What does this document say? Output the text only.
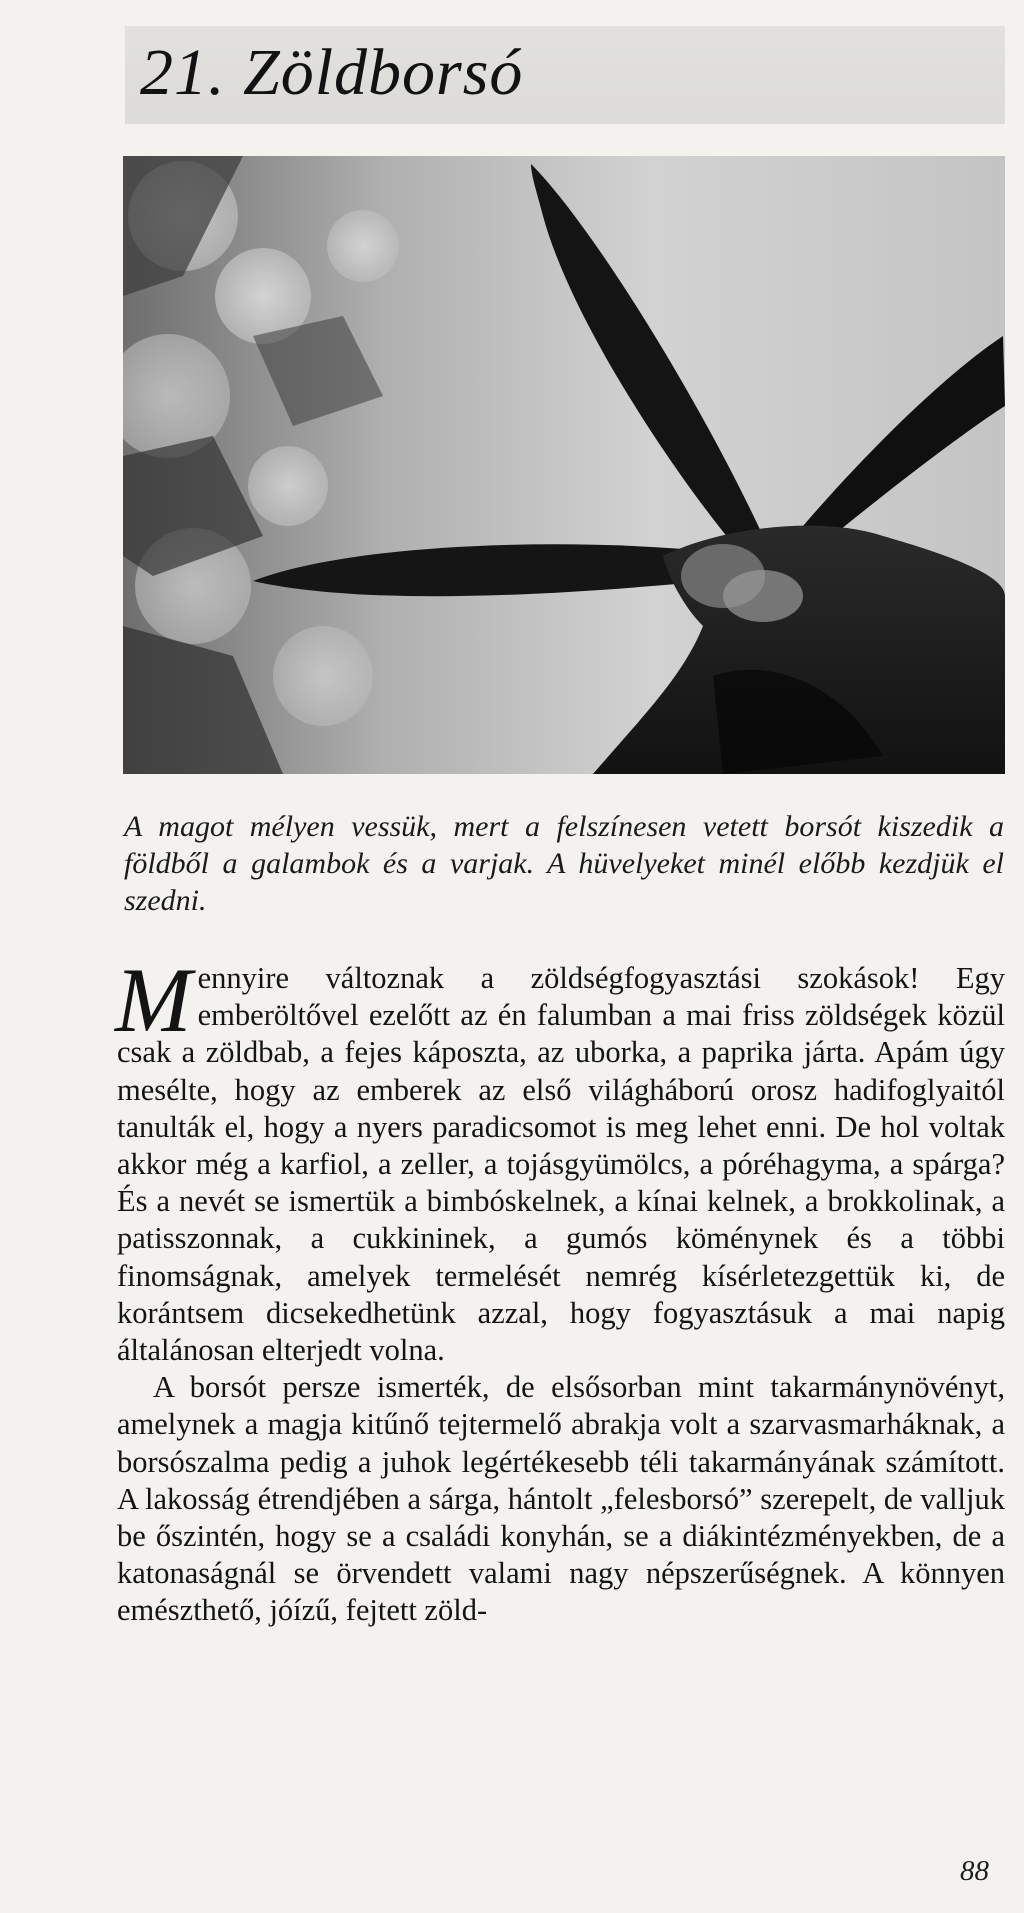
21. Zöldborsó

A magot mélyen vessük, mert a felszínesen vetett borsót kiszedik a földből a galambok és a varjak. A hüvelyeket minél előbb kezdjük el szedni.

Mennyire változnak a zöldségfogyasztási szokások! Egy emberöltővel ezelőtt az én falumban a mai friss zöldségek közül csak a zöldbab, a fejes káposzta, az uborka, a paprika járta. Apám úgy mesélte, hogy az emberek az első világháború orosz hadifoglyaitól tanulták el, hogy a nyers paradicsomot is meg lehet enni. De hol voltak akkor még a karfiol, a zeller, a tojásgyümölcs, a póréhagyma, a spárga? És a nevét se ismertük a bimbóskelnek, a kínai kelnek, a brokkolinak, a patisszonnak, a cukkininek, a gumós köménynek és a többi finomságnak, amelyek termelését nemrég kísérletezgettük ki, de korántsem dicsekedhetünk azzal, hogy fogyasztásuk a mai napig általánosan elterjedt volna.

A borsót persze ismerték, de elsősorban mint takarmánynövényt, amelynek a magja kitűnő tejtermelő abrakja volt a szarvasmarháknak, a borsószalma pedig a juhok legértékesebb téli takarmányának számított. A lakosság étrendjében a sárga, hántolt „felesborsó” szerepelt, de valljuk be őszintén, hogy se a családi konyhán, se a diákintézményekben, de a katonaságnál se örvendett valami nagy népszerűségnek. A könnyen emészthető, jóízű, fejtett zöld-

88
